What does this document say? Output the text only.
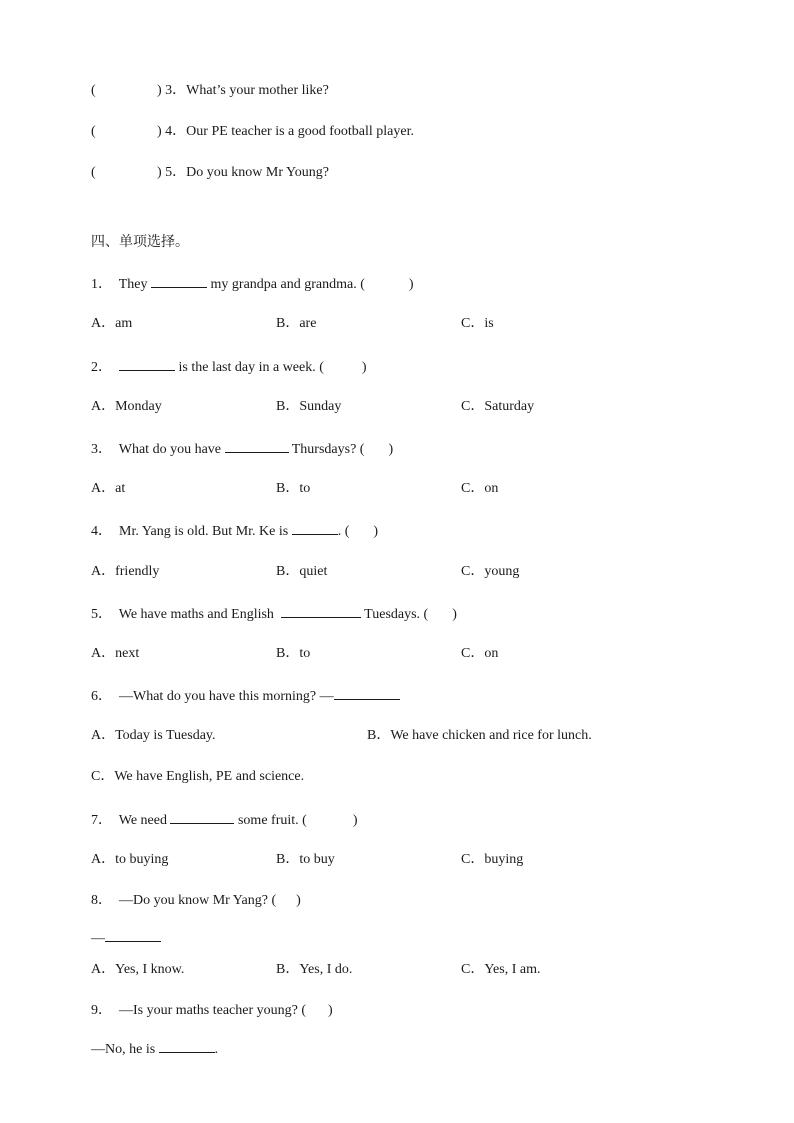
(	) 3．What’s your mother like?
(	) 4．Our PE teacher is a good football player.
(	) 5．Do you know Mr Young?
四、单项选择。
1． They	my grandpa and grandma. (	)
A．am	B．are	C．is
2．	is the last day in a week. (	)
A．Monday	B．Sunday	C．Saturday
3． What do you have	Thursdays? ( )
A．at	B．to	C．on
4． Mr. Yang is old. But Mr. Ke is	. ( )
A．friendly	B．quiet	C．young
5． We have maths and English	Tuesdays. ( )
A．next	B．to	C．on
6． —What do you have this morning? —
A．Today is Tuesday.	B．We have chicken and rice for lunch.
C．We have English, PE and science.
7． We need	some fruit. (	)
A．to buying	B．to buy	C．buying
8． —Do you know Mr Yang? ( )
—
A．Yes, I know.	B．Yes, I do.	C．Yes, I am.
9． —Is your maths teacher young? ( )
—No, he is	.
